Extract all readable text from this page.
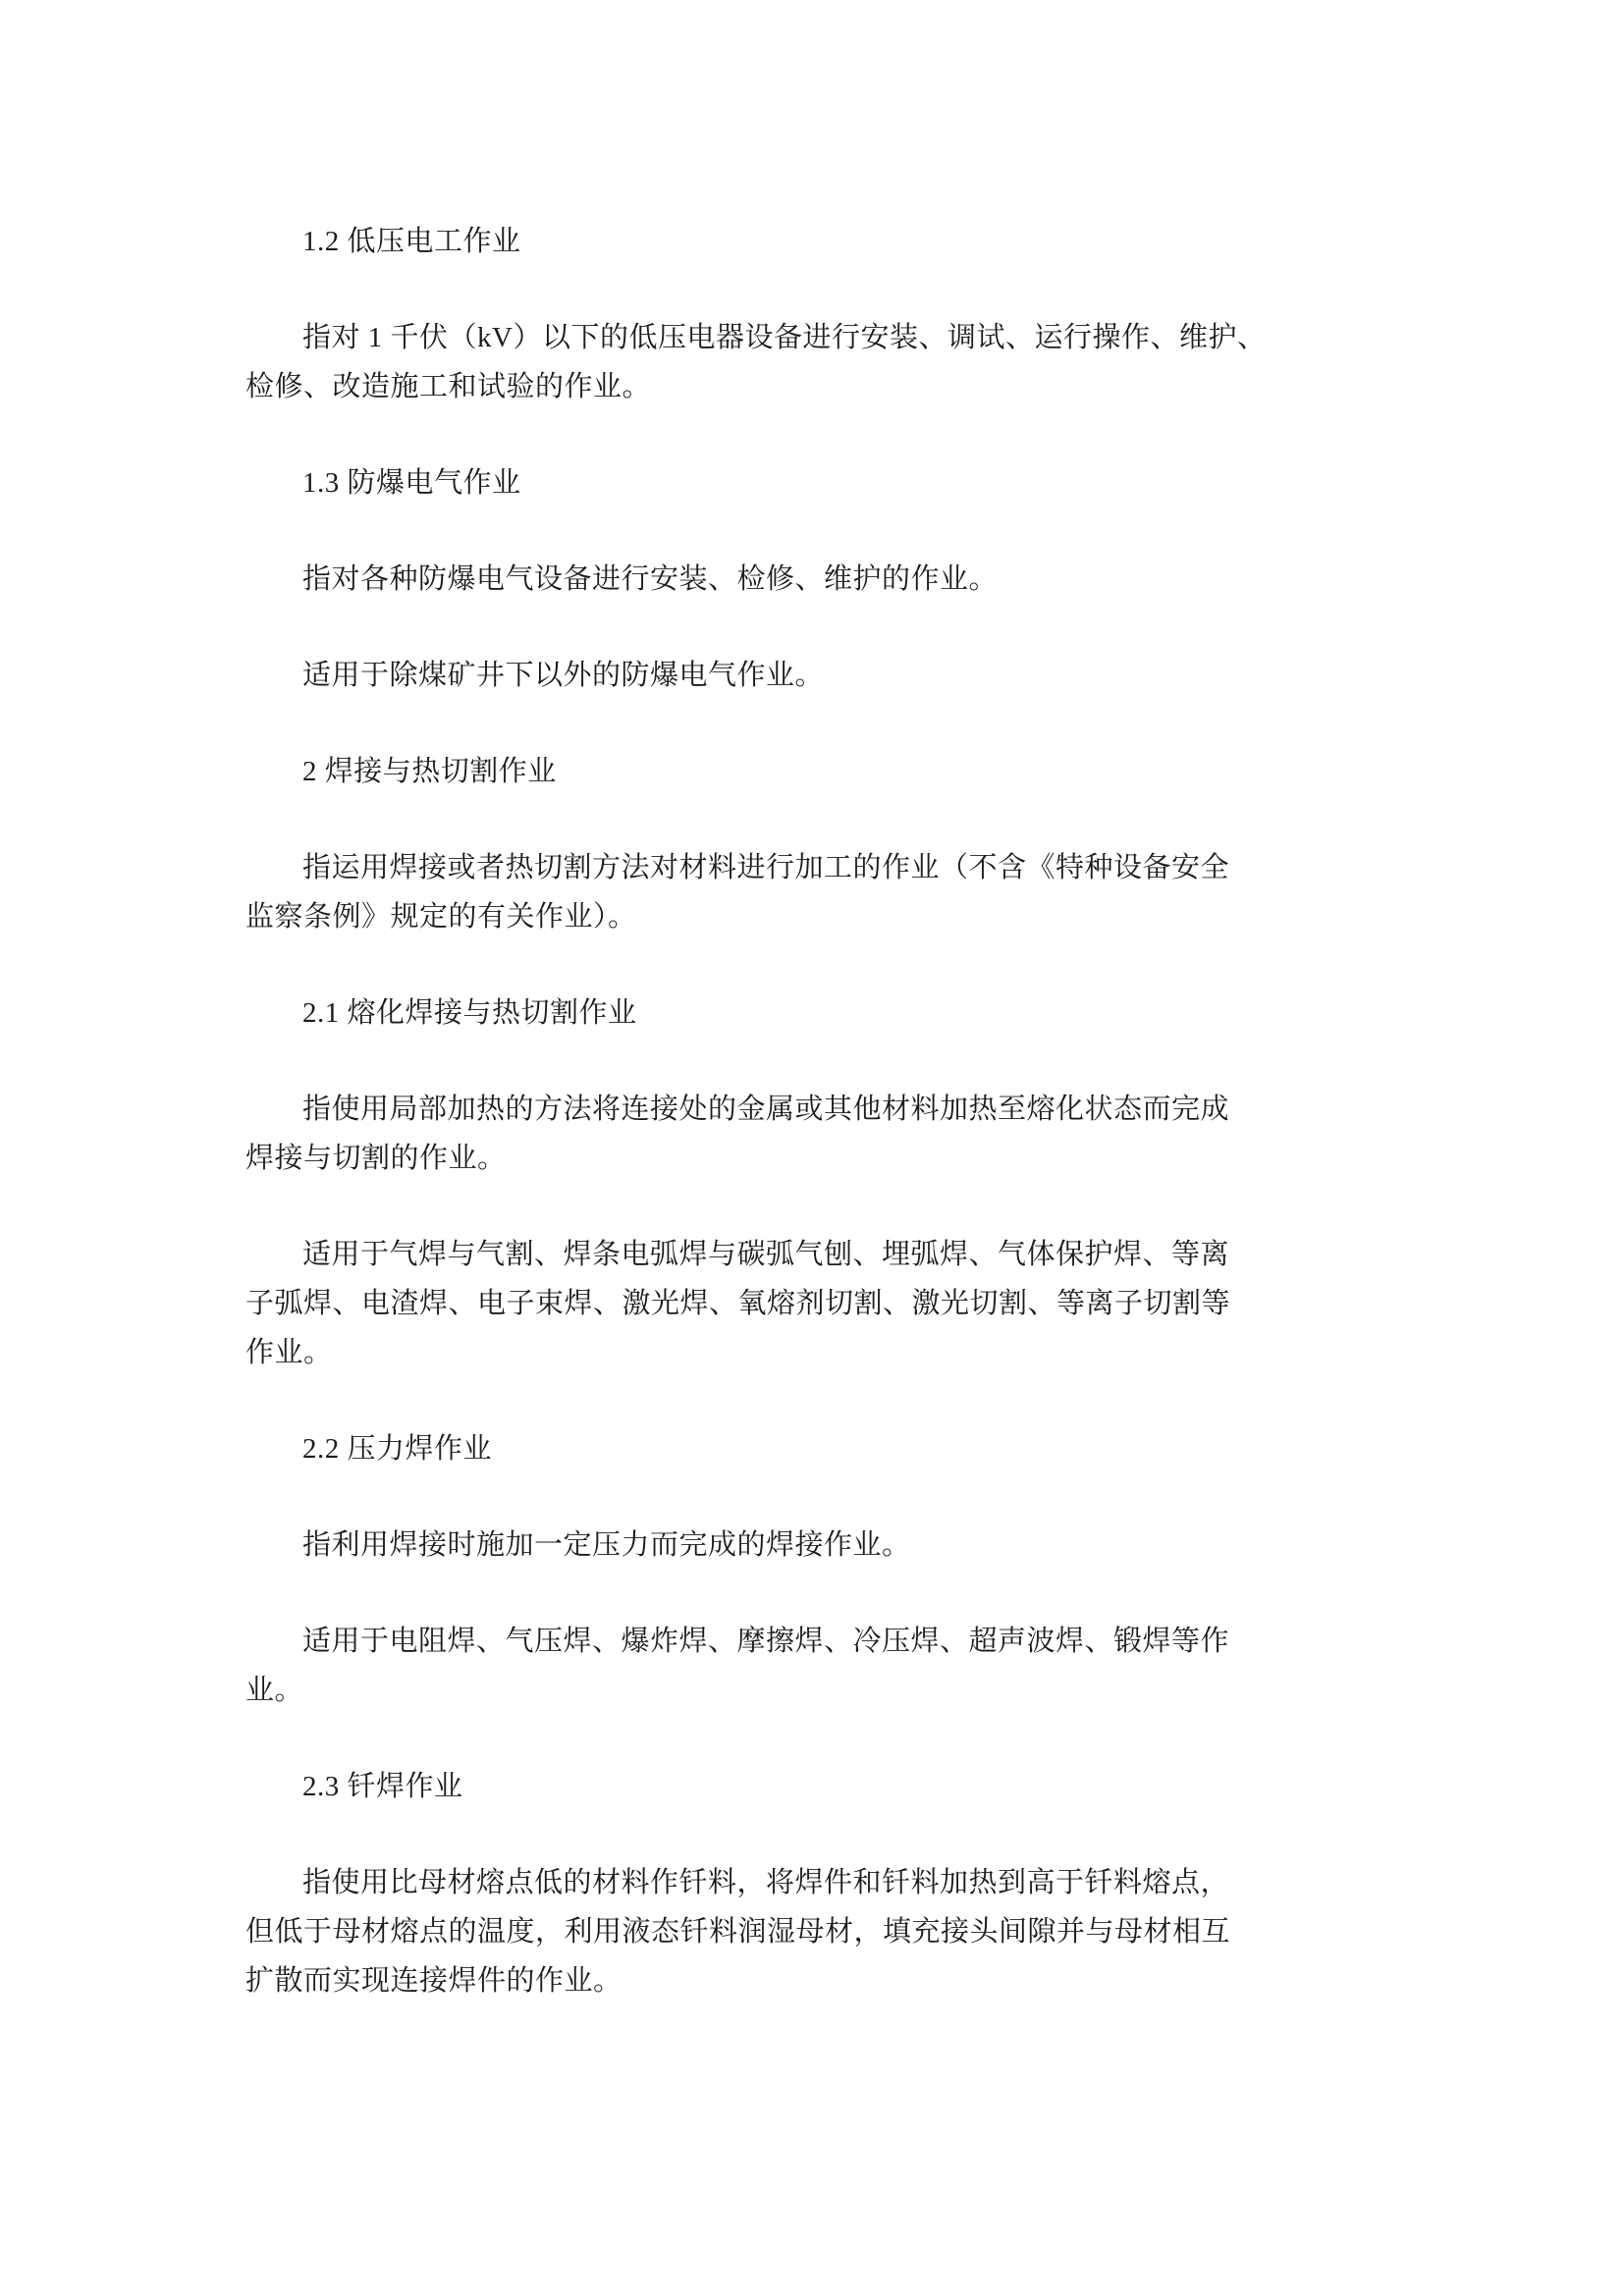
1.2 低压电工作业
指对 1 千伏（kV）以下的低压电器设备进行安装、调试、运行操作、维护、
检修、改造施工和试验的作业。
1.3 防爆电气作业
指对各种防爆电气设备进行安装、检修、维护的作业。
适用于除煤矿井下以外的防爆电气作业。
2 焊接与热切割作业
指运用焊接或者热切割方法对材料进行加工的作业（不含《特种设备安全
监察条例》规定的有关作业）。
2.1 熔化焊接与热切割作业
指使用局部加热的方法将连接处的金属或其他材料加热至熔化状态而完成
焊接与切割的作业。
适用于气焊与气割、焊条电弧焊与碳弧气刨、埋弧焊、气体保护焊、等离
子弧焊、电渣焊、电子束焊、激光焊、氧熔剂切割、激光切割、等离子切割等
作业。
2.2 压力焊作业
指利用焊接时施加一定压力而完成的焊接作业。
适用于电阻焊、气压焊、爆炸焊、摩擦焊、冷压焊、超声波焊、锻焊等作
业。
2.3 钎焊作业
指使用比母材熔点低的材料作钎料，将焊件和钎料加热到高于钎料熔点，
但低于母材熔点的温度，利用液态钎料润湿母材，填充接头间隙并与母材相互
扩散而实现连接焊件的作业。
